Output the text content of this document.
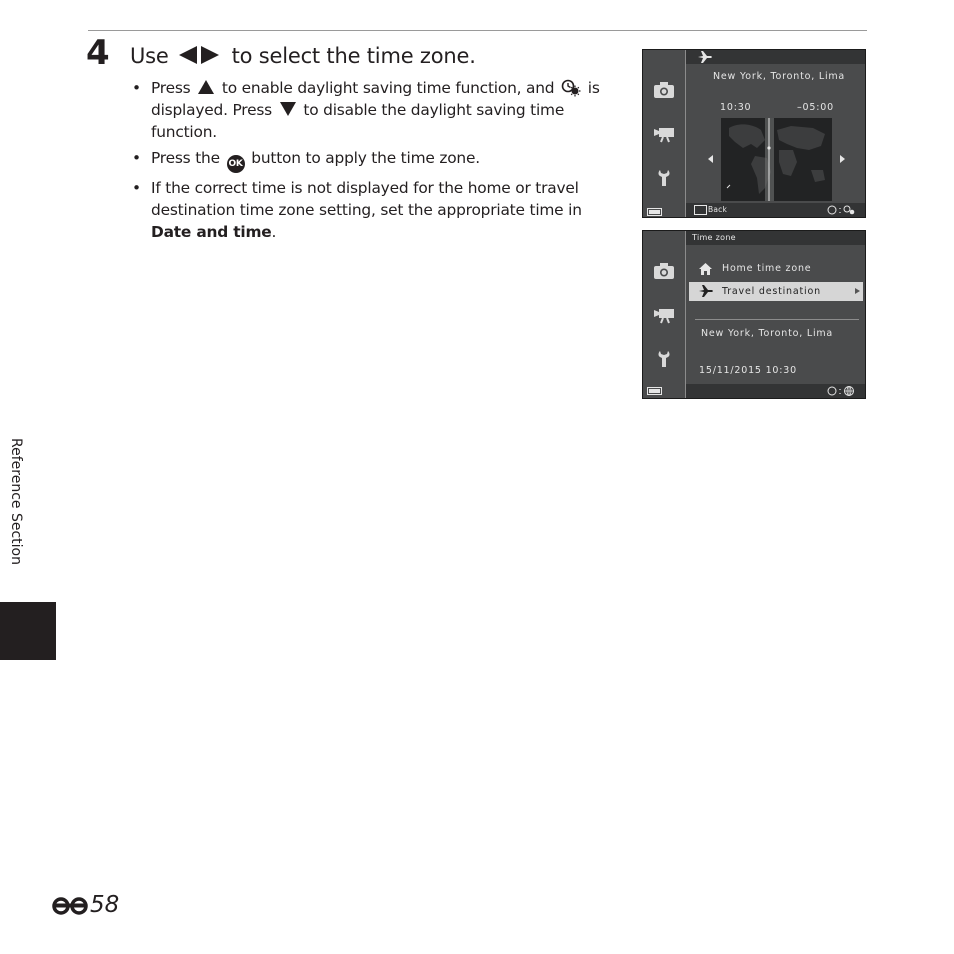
4 Use	to select the time zone.
• Press to enable daylight saving time function, and is displayed. Press to disable the daylight saving time function.
• Press the OK button to apply the time zone.
• If the correct time is not displayed for the home or travel destination time zone setting, set the appropriate time in Date and time.
New York, Toronto, Lima
10:30	–05:00
Back
Time zone
Home time zone
Travel destination
New York, Toronto, Lima
15/11/2015 10:30
Reference Section
58
